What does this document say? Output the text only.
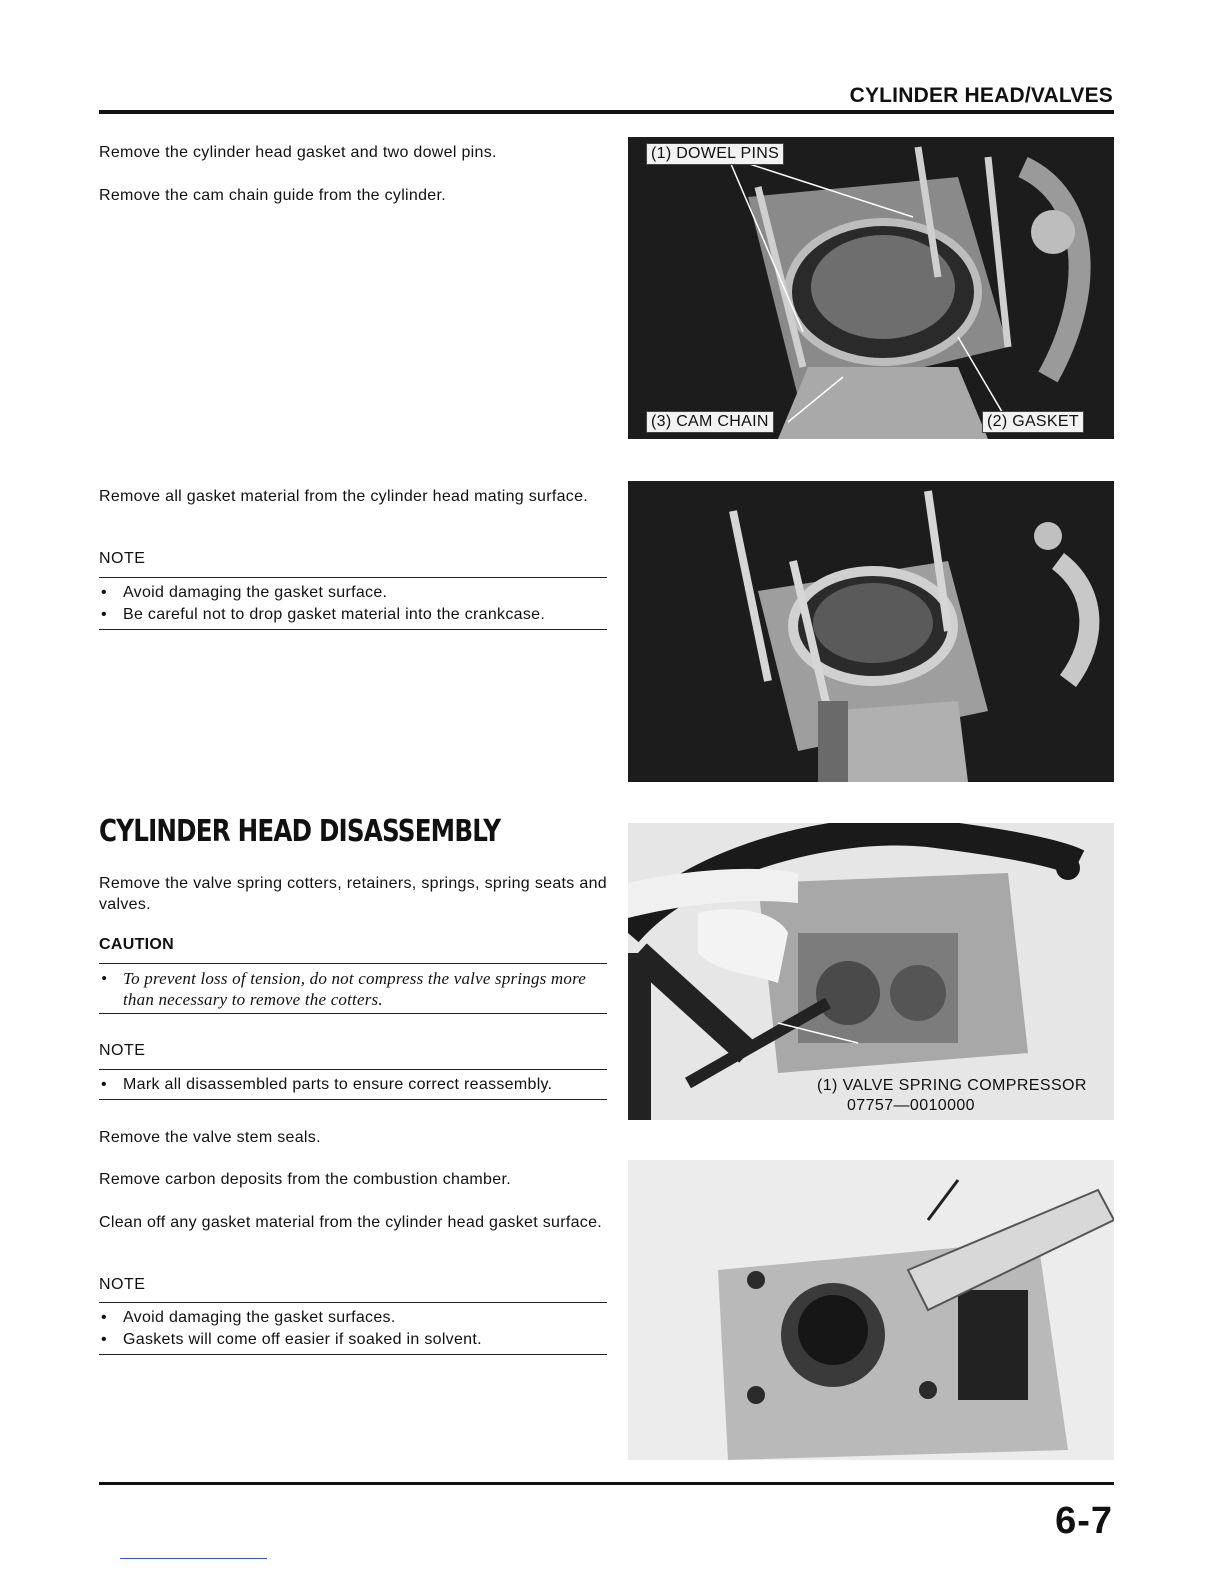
CYLINDER HEAD/VALVES

Remove the cylinder head gasket and two dowel pins.

Remove the cam chain guide from the cylinder.

Remove all gasket material from the cylinder head mating surface.

NOTE
• Avoid damaging the gasket surface.
• Be careful not to drop gasket material into the crankcase.
CYLINDER HEAD DISASSEMBLY

Remove the valve spring cotters, retainers, springs, spring seats and valves.

CAUTION
• To prevent loss of tension, do not compress the valve springs more than necessary to remove the cotters.
NOTE
• Mark all disassembled parts to ensure correct reassembly.

Remove the valve stem seals.

Remove carbon deposits from the combustion chamber.

Clean off any gasket material from the cylinder head gasket surface.

NOTE
• Avoid damaging the gasket surfaces.
• Gaskets will come off easier if soaked in solvent.
(1) DOWEL PINS
(2) GASKET
(3) CAM CHAIN
(1) VALVE SPRING COMPRESSOR
07757—0010000
6-7
